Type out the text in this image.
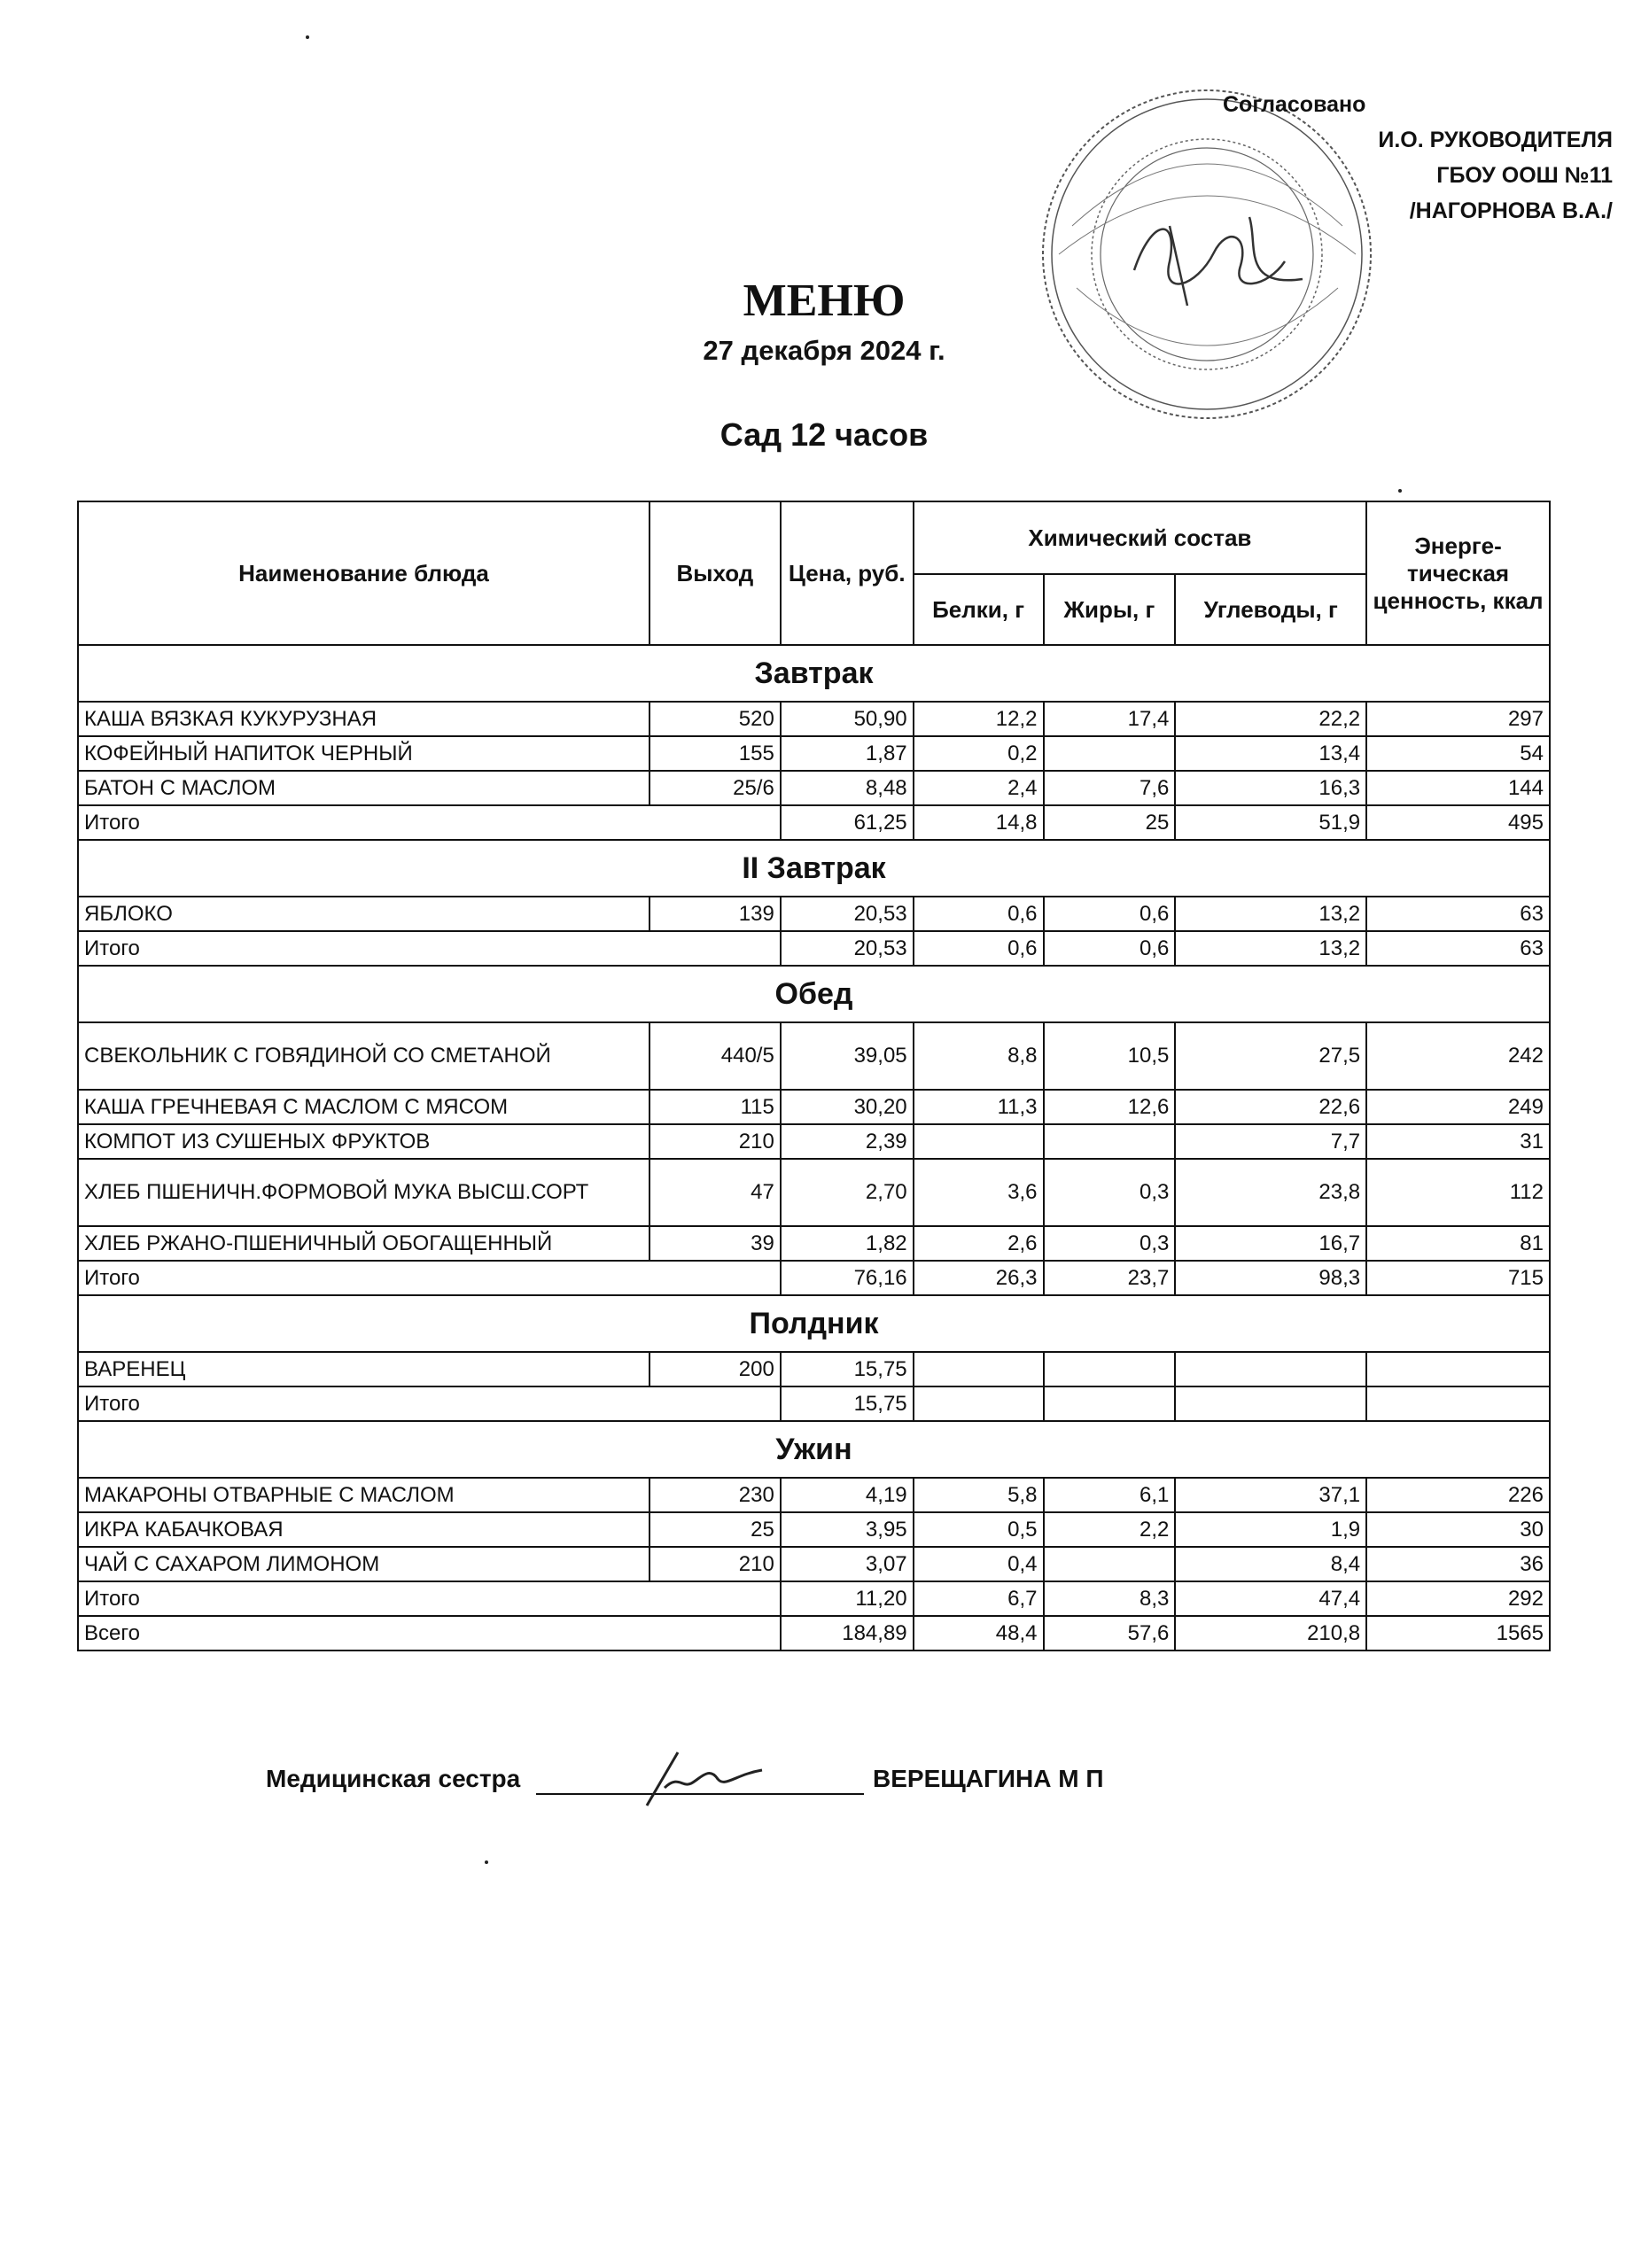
Согласовано
И.О. РУКОВОДИТЕЛЯ
ГБОУ ООШ №11
/НАГОРНОВА В.А./
МЕНЮ
27 декабря 2024 г.
Сад 12 часов
Наименование блюда	Выход	Цена, руб.	Химический состав			Энерге-тическая ценность, ккал
			Белки, г	Жиры, г	Углеводы, г	
Завтрак						
КАША ВЯЗКАЯ КУКУРУЗНАЯ	520	50,90	12,2	17,4	22,2	297
КОФЕЙНЫЙ НАПИТОК ЧЕРНЫЙ	155	1,87	0,2		13,4	54
БАТОН С МАСЛОМ	25/6	8,48	2,4	7,6	16,3	144
Итого		61,25	14,8	25	51,9	495
II Завтрак						
ЯБЛОКО	139	20,53	0,6	0,6	13,2	63
Итого		20,53	0,6	0,6	13,2	63
Обед						
СВЕКОЛЬНИК С ГОВЯДИНОЙ СО СМЕТАНОЙ	440/5	39,05	8,8	10,5	27,5	242
КАША ГРЕЧНЕВАЯ С МАСЛОМ С МЯСОМ	115	30,20	11,3	12,6	22,6	249
КОМПОТ ИЗ СУШЕНЫХ ФРУКТОВ	210	2,39			7,7	31
ХЛЕБ ПШЕНИЧН.ФОРМОВОЙ МУКА ВЫСШ.СОРТ	47	2,70	3,6	0,3	23,8	112
ХЛЕБ РЖАНО-ПШЕНИЧНЫЙ ОБОГАЩЕННЫЙ	39	1,82	2,6	0,3	16,7	81
Итого		76,16	26,3	23,7	98,3	715
Полдник						
ВАРЕНЕЦ	200	15,75				
Итого		15,75				
Ужин						
МАКАРОНЫ ОТВАРНЫЕ С МАСЛОМ	230	4,19	5,8	6,1	37,1	226
ИКРА КАБАЧКОВАЯ	25	3,95	0,5	2,2	1,9	30
ЧАЙ С САХАРОМ ЛИМОНОМ	210	3,07	0,4		8,4	36
Итого		11,20	6,7	8,3	47,4	292
Всего		184,89	48,4	57,6	210,8	1565
Медицинская сестра	ВЕРЕЩАГИНА М П
